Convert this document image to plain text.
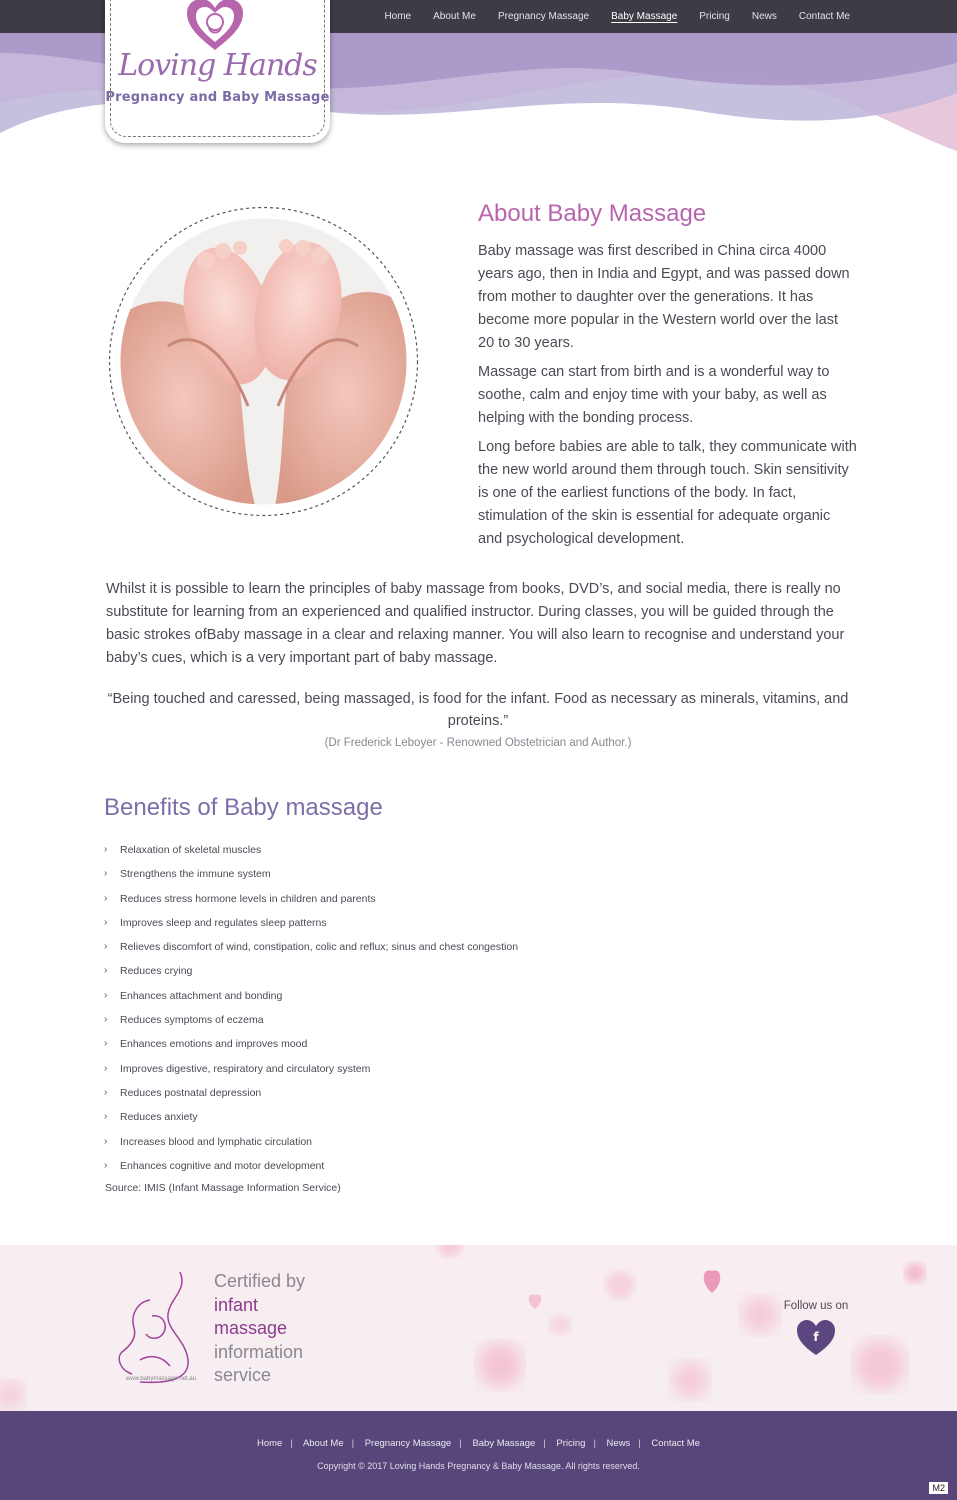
Home	About Me	Pregnancy Massage	Baby Massage	Pricing	News	Contact Me
Loving Hands
Pregnancy and Baby Massage
About Baby Massage

Baby massage was first described in China circa 4000 years ago, then in India and Egypt, and was passed down from mother to daughter over the generations. It has become more popular in the Western world over the last 20 to 30 years.

Massage can start from birth and is a wonderful way to soothe, calm and enjoy time with your baby, as well as helping with the bonding process.

Long before babies are able to talk, they communicate with the new world around them through touch. Skin sensitivity is one of the earliest functions of the body. In fact, stimulation of the skin is essential for adequate organic and psychological development.

Whilst it is possible to learn the principles of baby massage from books, DVD’s, and social media, there is really no substitute for learning from an experienced and qualified instructor. During classes, you will be guided through the basic strokes ofBaby massage in a clear and relaxing manner. You will also learn to recognise and understand your baby’s cues, which is a very important part of baby massage.

“Being touched and caressed, being massaged, is food for the infant. Food as necessary as minerals, vitamins, and proteins.”

(Dr Frederick Leboyer - Renowned Obstetrician and Author.)
Benefits of Baby massage
› Relaxation of skeletal muscles
› Strengthens the immune system
› Reduces stress hormone levels in children and parents
› Improves sleep and regulates sleep patterns
› Relieves discomfort of wind, constipation, colic and reflux; sinus and chest congestion
› Reduces crying
› Enhances attachment and bonding
› Reduces symptoms of eczema
› Enhances emotions and improves mood
› Improves digestive, respiratory and circulatory system
› Reduces postnatal depression
› Reduces anxiety
› Increases blood and lymphatic circulation
› Enhances cognitive and motor development
Source: IMIS (Infant Massage Information Service)
www.babymassage.net.au
Certified by
infant
massage
information
service
Follow us on
f
Home | About Me | Pregnancy Massage | Baby Massage | Pricing | News | Contact Me
Copyright © 2017 Loving Hands Pregnancy & Baby Massage. All rights reserved.
M2
